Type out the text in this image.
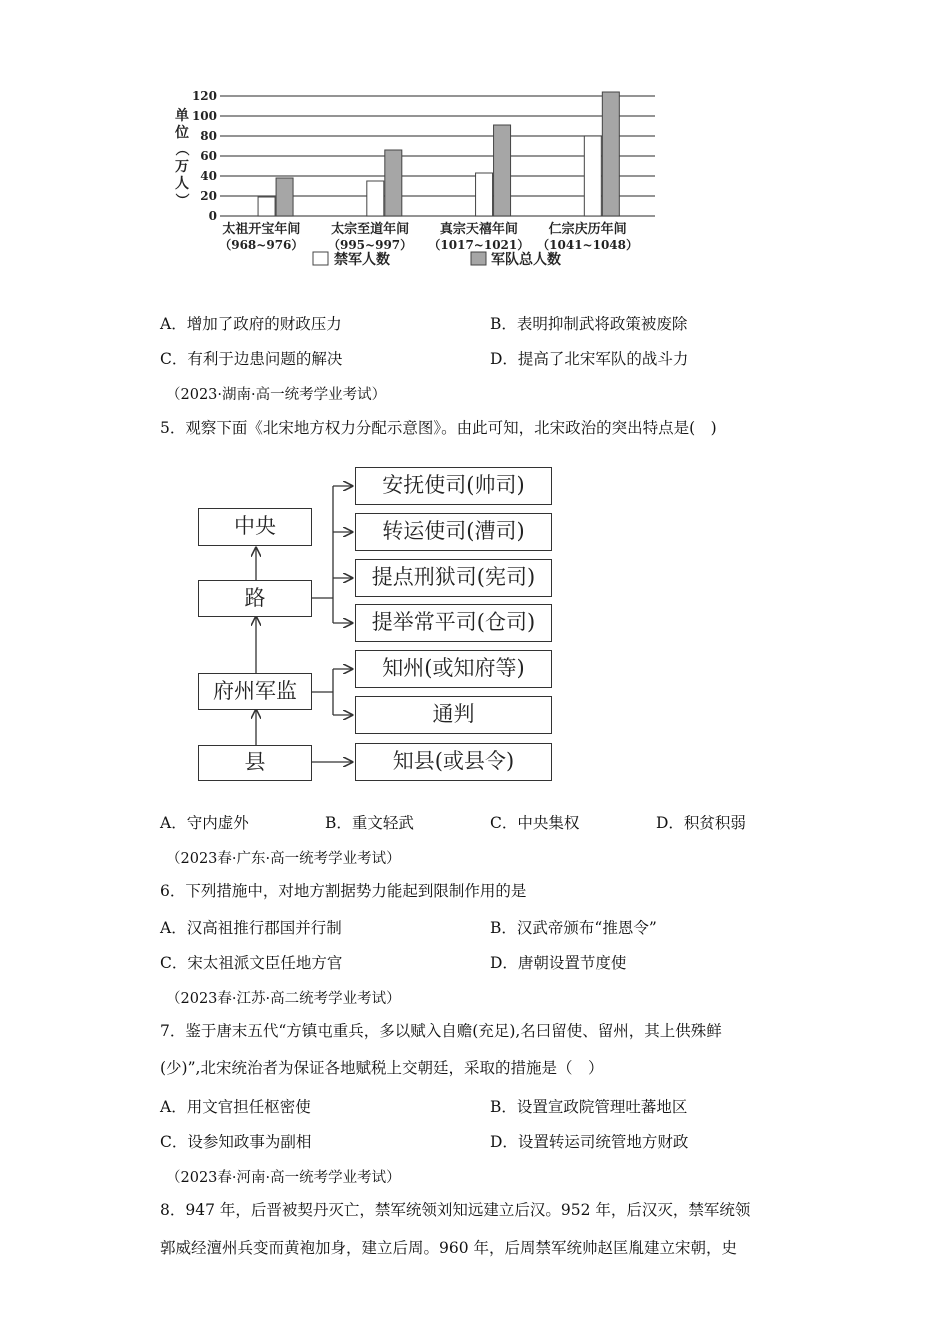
0
20
40
60
80
100
120
单
位
（
万
人
）
太祖开宝年间
（968~976）
太宗至道年间
（995~997）
真宗天禧年间
（1017~1021）
仁宗庆历年间
（1041~1048）
禁军人数	军队总人数
A．增加了政府的财政压力	B．表明抑制武将政策被废除
C．有利于边患问题的解决	D．提高了北宋军队的战斗力
（2023·湖南·高一统考学业考试）
5．观察下面《北宋地方权力分配示意图》。由此可知，北宋政治的突出特点是(　)
中央
路
府州军监
县
安抚使司(帅司)
转运使司(漕司)
提点刑狱司(宪司)
提举常平司(仓司)
知州(或知府等)
通判
知县(或县令)
A．守内虚外	B．重文轻武	C．中央集权	D．积贫积弱
（2023春·广东·高一统考学业考试）
6．下列措施中，对地方割据势力能起到限制作用的是
A．汉高祖推行郡国并行制	B．汉武帝颁布“推恩令”
C．宋太祖派文臣任地方官	D．唐朝设置节度使
（2023春·江苏·高二统考学业考试）
7．鉴于唐末五代“方镇屯重兵，多以赋入自赡(充足),名曰留使、留州，其上供殊鲜
(少)”,北宋统治者为保证各地赋税上交朝廷，采取的措施是（　）
A．用文官担任枢密使	B．设置宣政院管理吐蕃地区
C．设参知政事为副相	D．设置转运司统管地方财政
（2023春·河南·高一统考学业考试）
8．947 年，后晋被契丹灭亡，禁军统领刘知远建立后汉。952 年，后汉灭，禁军统领
郭威经澶州兵变而黄袍加身，建立后周。960 年，后周禁军统帅赵匡胤建立宋朝，史
